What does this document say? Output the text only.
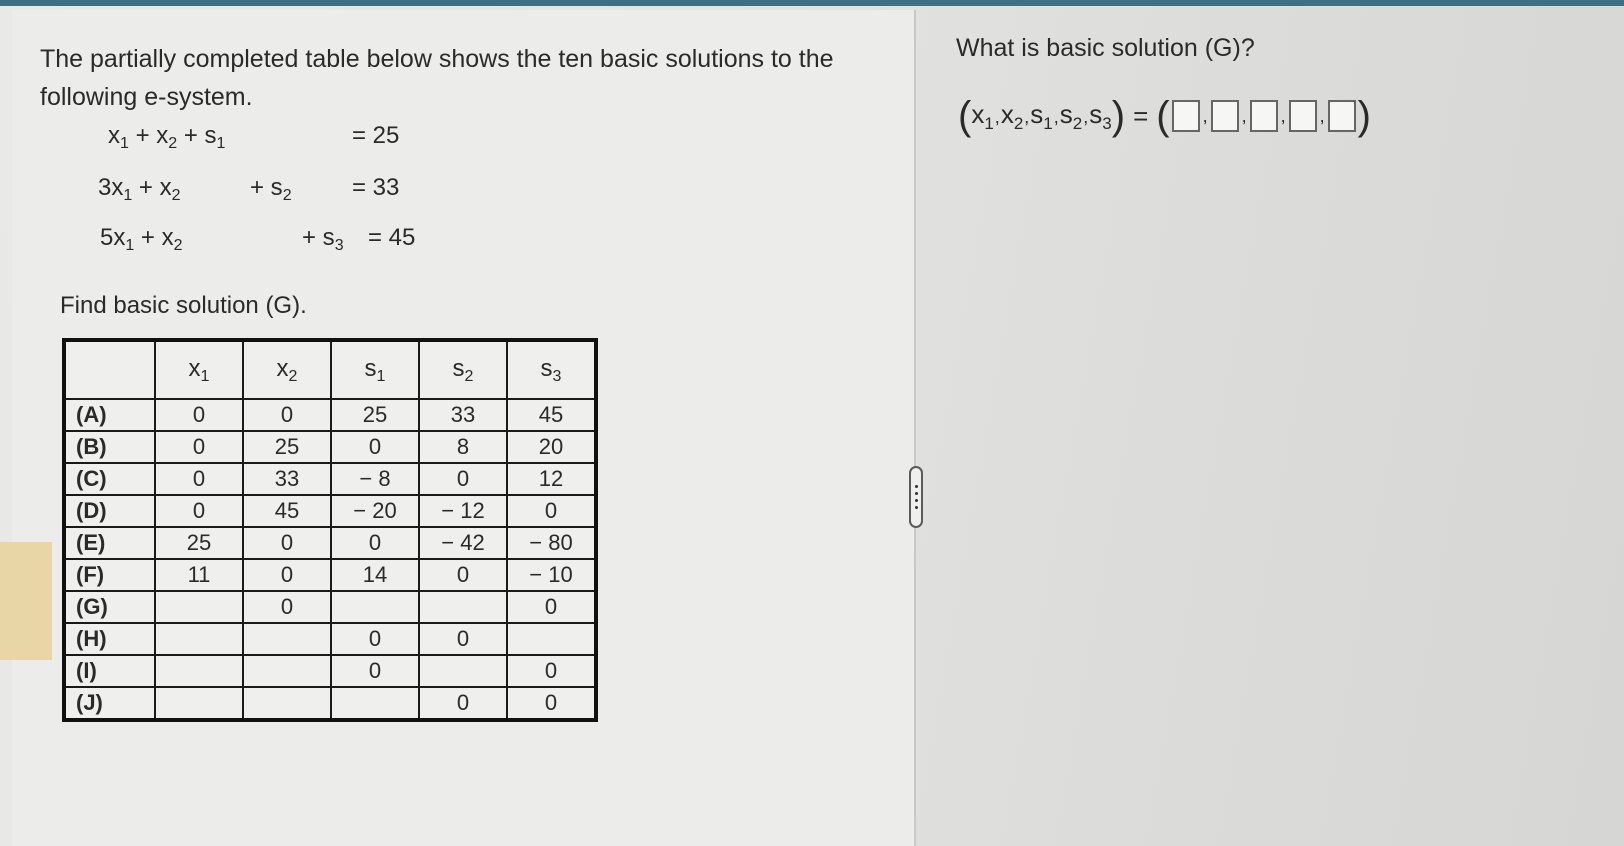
The partially completed table below shows the ten basic solutions to the following e-system.
$x_1 + x_2 + s_1$	= 25
$3x_1 + x_2$	+ $s_2$	= 33
$5x_1 + x_2$	+ $s_3 = 45$
Find basic solution (G).
	$x_1$	$x_2$	$s_1$	$s_2$	$s_3$
(A)	0	0	25	33	45
(B)	0	25	0	8	20
(C)	0	33	− 8	0	12
(D)	0	45	− 20	− 12	0
(E)	25	0	0	− 42	− 80
(F)	11	0	14	0	− 10
(G)		0			0
(H)			0	0	
(I)			0		0
(J)				0	0
What is basic solution (G)?
( $x_1,x_2,s_1,s_2,s_3$ ) = ( , , , , )
